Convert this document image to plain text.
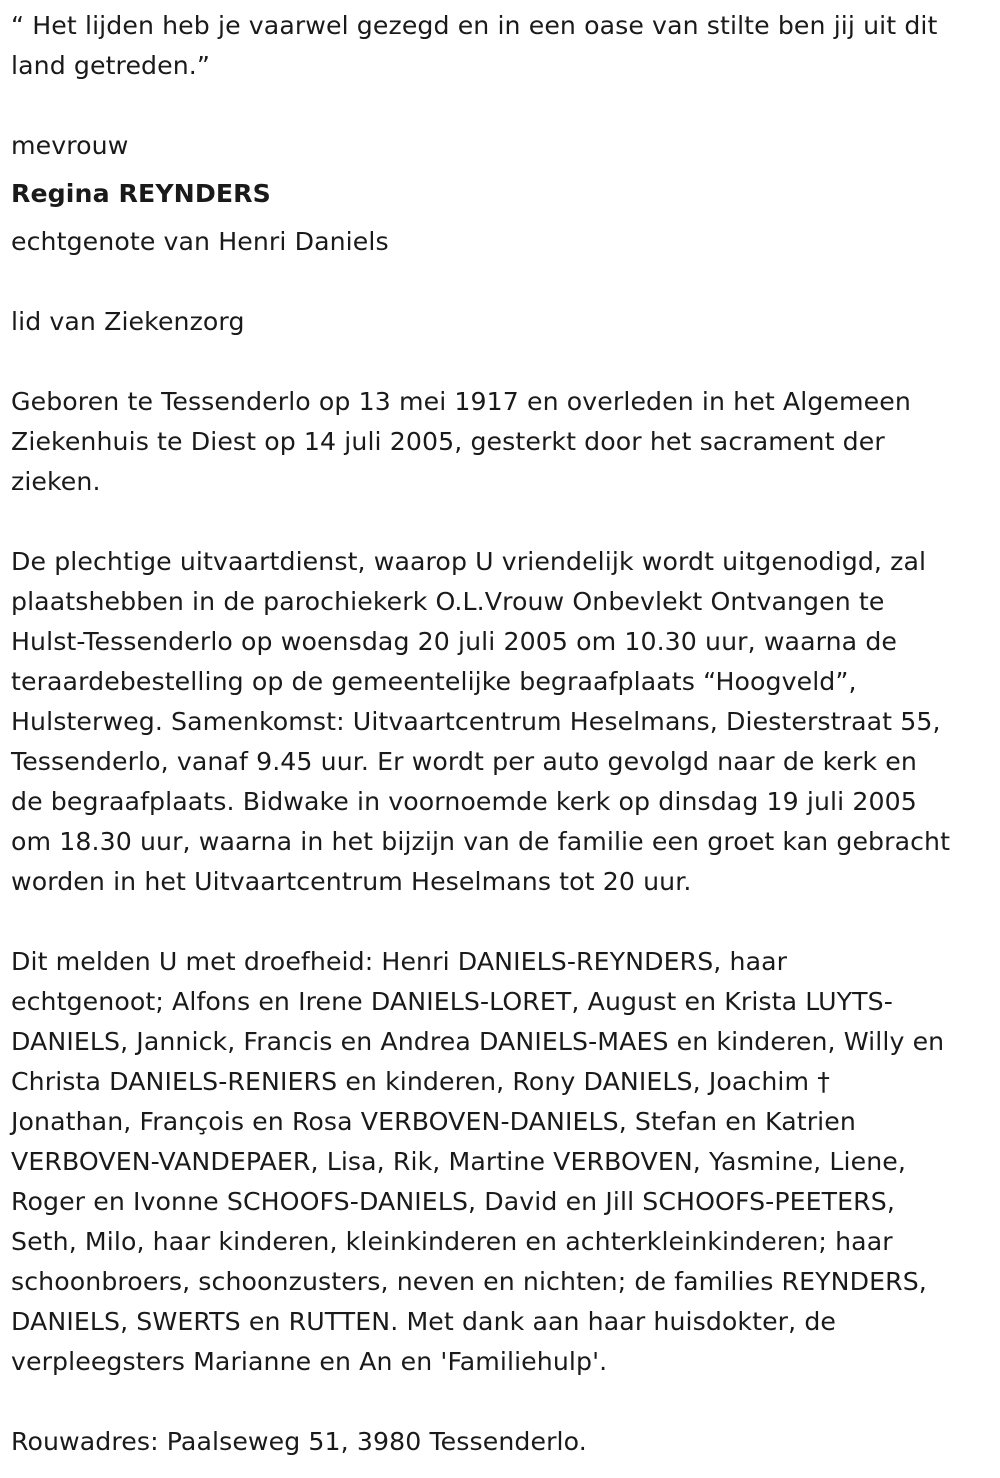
“ Het lijden heb je vaarwel gezegd en in een oase van stilte ben jij uit dit
land getreden.”

mevrouw

Regina REYNDERS

echtgenote van Henri Daniels

lid van Ziekenzorg

Geboren te Tessenderlo op 13 mei 1917 en overleden in het Algemeen
Ziekenhuis te Diest op 14 juli 2005, gesterkt door het sacrament der
zieken.

De plechtige uitvaartdienst, waarop U vriendelijk wordt uitgenodigd, zal
plaatshebben in de parochiekerk O.L.Vrouw Onbevlekt Ontvangen te
Hulst-Tessenderlo op woensdag 20 juli 2005 om 10.30 uur, waarna de
teraardebestelling op de gemeentelijke begraafplaats “Hoogveld”,
Hulsterweg. Samenkomst: Uitvaartcentrum Heselmans, Diesterstraat 55,
Tessenderlo, vanaf 9.45 uur. Er wordt per auto gevolgd naar de kerk en
de begraafplaats. Bidwake in voornoemde kerk op dinsdag 19 juli 2005
om 18.30 uur, waarna in het bijzijn van de familie een groet kan gebracht
worden in het Uitvaartcentrum Heselmans tot 20 uur.

Dit melden U met droefheid: Henri DANIELS-REYNDERS, haar
echtgenoot; Alfons en Irene DANIELS-LORET, August en Krista LUYTS-
DANIELS, Jannick, Francis en Andrea DANIELS-MAES en kinderen, Willy en
Christa DANIELS-RENIERS en kinderen, Rony DANIELS, Joachim †
Jonathan, François en Rosa VERBOVEN-DANIELS, Stefan en Katrien
VERBOVEN-VANDEPAER, Lisa, Rik, Martine VERBOVEN, Yasmine, Liene,
Roger en Ivonne SCHOOFS-DANIELS, David en Jill SCHOOFS-PEETERS,
Seth, Milo, haar kinderen, kleinkinderen en achterkleinkinderen; haar
schoonbroers, schoonzusters, neven en nichten; de families REYNDERS,
DANIELS, SWERTS en RUTTEN. Met dank aan haar huisdokter, de
verpleegsters Marianne en An en 'Familiehulp'.

Rouwadres: Paalseweg 51, 3980 Tessenderlo.
